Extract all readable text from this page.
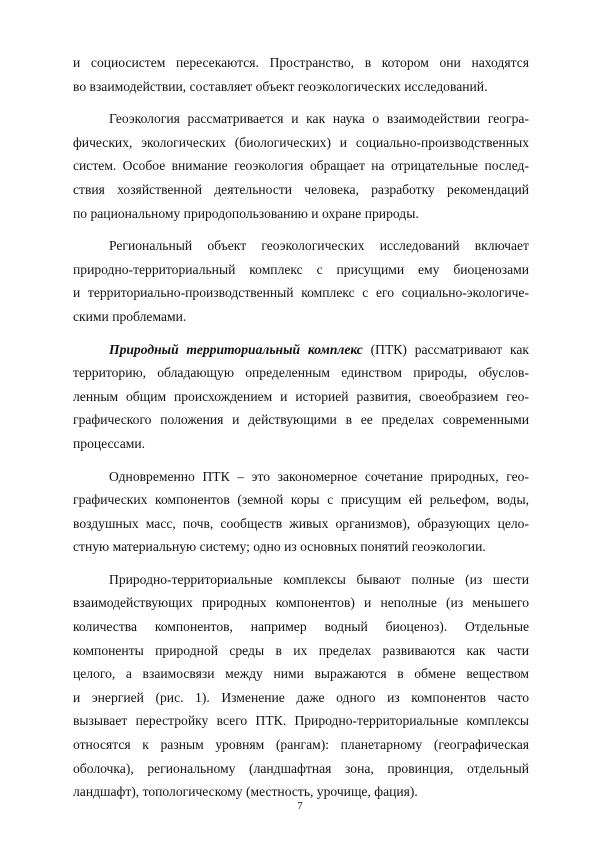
и социосистем пересекаются. Пространство, в котором они находятся
во взаимодействии, составляет объект геоэкологических исследований.
Геоэкология рассматривается и как наука о взаимодействии геогра-
фических, экологических (биологических) и социально-производственных
систем. Особое внимание геоэкология обращает на отрицательные послед-
ствия хозяйственной деятельности человека, разработку рекомендаций
по рациональному природопользованию и охране природы.
Региональный объект геоэкологических исследований включает
природно-территориальный комплекс с присущими ему биоценозами
и территориально-производственный комплекс с его социально-экологиче-
скими проблемами.
Природный территориальный комплекс (ПТК) рассматривают как
территорию, обладающую определенным единством природы, обуслов-
ленным общим происхождением и историей развития, своеобразием гео-
графического положения и действующими в ее пределах современными
процессами.
Одновременно ПТК – это закономерное сочетание природных, гео-
графических компонентов (земной коры с присущим ей рельефом, воды,
воздушных масс, почв, сообществ живых организмов), образующих цело-
стную материальную систему; одно из основных понятий геоэкологии.
Природно-территориальные комплексы бывают полные (из шести
взаимодействующих природных компонентов) и неполные (из меньшего
количества компонентов, например водный биоценоз). Отдельные
компоненты природной среды в их пределах развиваются как части
целого, а взаимосвязи между ними выражаются в обмене веществом
и энергией (рис. 1). Изменение даже одного из компонентов часто
вызывает перестройку всего ПТК. Природно-территориальные комплексы
относятся к разным уровням (рангам): планетарному (географическая
оболочка), региональному (ландшафтная зона, провинция, отдельный
ландшафт), топологическому (местность, урочище, фация).
7
